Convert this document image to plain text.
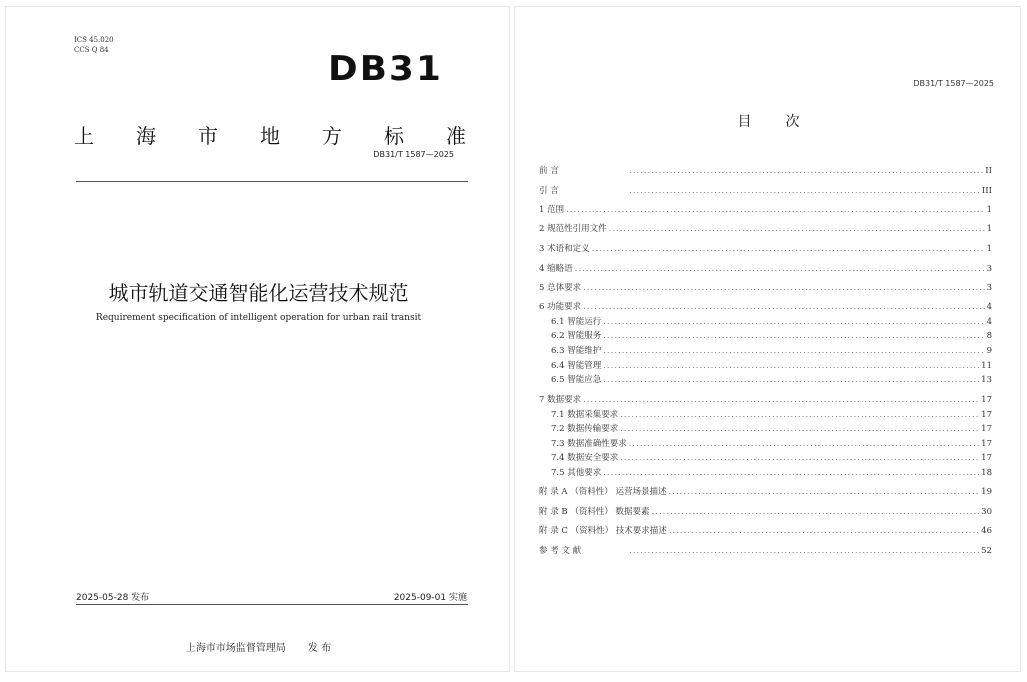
ICS 45.020
CCS Q 84	DB31
上 海 市 地 方 标 准
DB31/T 1587—2025
城市轨道交通智能化运营技术规范
Requirement specification of intelligent operation for urban rail transit
2025-05-28 发布	2025-09-01 实施
上海市市场监督管理局 发 布
DB31/T 1587—2025
目 次
前 言 .....	II
引 言 .....	III
1 范围 .....	1
2 规范性引用文件 .....	1
3 术语和定义 .....	1
4 缩略语 .....	3
5 总体要求 .....	3
6 功能要求 .....	4
6.1 智能运行 .....	4
6.2 智能服务 .....	8
6.3 智能维护 .....	9
6.4 智能管理 .....	11
6.5 智能应急 .....	13
7 数据要求 .....	17
7.1 数据采集要求 .....	17
7.2 数据传输要求 .....	17
7.3 数据准确性要求 .....	17
7.4 数据安全要求 .....	17
7.5 其他要求 .....	18
附 录 A （资料性） 运营场景描述 .....	19
附 录 B （资料性） 数据要素 .....	30
附 录 C （资料性） 技术要求描述 .....	46
参 考 文 献 .....	52
